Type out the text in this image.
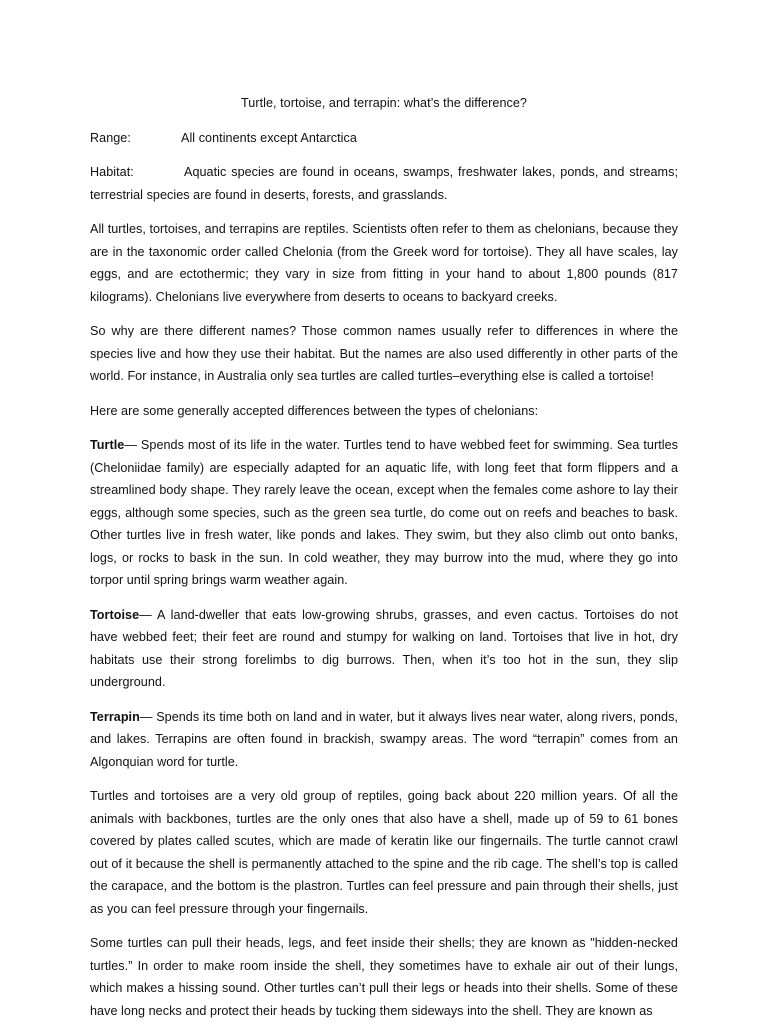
Turtle, tortoise, and terrapin: what’s the difference?
Range:	All continents except Antarctica
Habitat:	Aquatic species are found in oceans, swamps, freshwater lakes, ponds, and streams; terrestrial species are found in deserts, forests, and grasslands.

All turtles, tortoises, and terrapins are reptiles. Scientists often refer to them as chelonians, because they are in the taxonomic order called Chelonia (from the Greek word for tortoise). They all have scales, lay eggs, and are ectothermic; they vary in size from fitting in your hand to about 1,800 pounds (817 kilograms). Chelonians live everywhere from deserts to oceans to backyard creeks.

So why are there different names? Those common names usually refer to differences in where the species live and how they use their habitat. But the names are also used differently in other parts of the world. For instance, in Australia only sea turtles are called turtles–everything else is called a tortoise!

Here are some generally accepted differences between the types of chelonians:

Turtle— Spends most of its life in the water. Turtles tend to have webbed feet for swimming. Sea turtles (Cheloniidae family) are especially adapted for an aquatic life, with long feet that form flippers and a streamlined body shape. They rarely leave the ocean, except when the females come ashore to lay their eggs, although some species, such as the green sea turtle, do come out on reefs and beaches to bask. Other turtles live in fresh water, like ponds and lakes. They swim, but they also climb out onto banks, logs, or rocks to bask in the sun. In cold weather, they may burrow into the mud, where they go into torpor until spring brings warm weather again.

Tortoise— A land-dweller that eats low-growing shrubs, grasses, and even cactus. Tortoises do not have webbed feet; their feet are round and stumpy for walking on land. Tortoises that live in hot, dry habitats use their strong forelimbs to dig burrows. Then, when it’s too hot in the sun, they slip underground.

Terrapin— Spends its time both on land and in water, but it always lives near water, along rivers, ponds, and lakes. Terrapins are often found in brackish, swampy areas. The word “terrapin” comes from an Algonquian word for turtle.

Turtles and tortoises are a very old group of reptiles, going back about 220 million years. Of all the animals with backbones, turtles are the only ones that also have a shell, made up of 59 to 61 bones covered by plates called scutes, which are made of keratin like our fingernails. The turtle cannot crawl out of it because the shell is permanently attached to the spine and the rib cage. The shell’s top is called the carapace, and the bottom is the plastron. Turtles can feel pressure and pain through their shells, just as you can feel pressure through your fingernails.

Some turtles can pull their heads, legs, and feet inside their shells; they are known as "hidden-necked turtles.” In order to make room inside the shell, they sometimes have to exhale air out of their lungs, which makes a hissing sound. Other turtles can’t pull their legs or heads into their shells. Some of these have long necks and protect their heads by tucking them sideways into the shell. They are known as
